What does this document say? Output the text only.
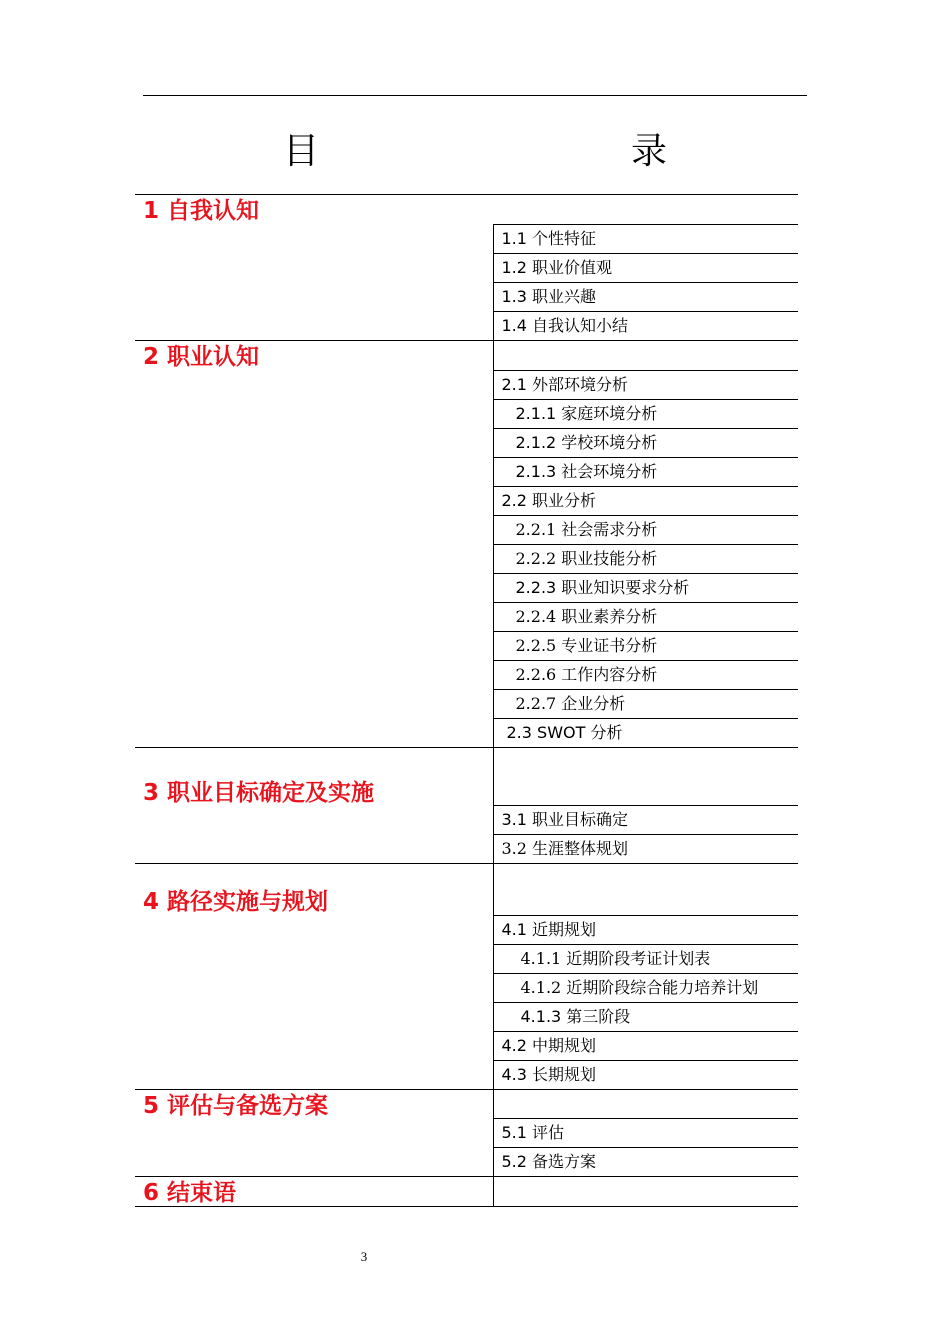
目　　录
1 自我认知	
	1.1 个性特征
	1.2 职业价值观
	1.3 职业兴趣
	1.4 自我认知小结
2 职业认知	
	2.1 外部环境分析
	2.1.1 家庭环境分析
	2.1.2 学校环境分析
	2.1.3 社会环境分析
	2.2 职业分析
	2.2.1 社会需求分析
	2.2.2 职业技能分析
	2.2.3 职业知识要求分析
	2.2.4 职业素养分析
	2.2.5 专业证书分析
	2.2.6 工作内容分析
	2.2.7 企业分析
	2.3 SWOT 分析
3 职业目标确定及实施	
	3.1 职业目标确定
	3.2 生涯整体规划
4 路径实施与规划	
	4.1 近期规划
	4.1.1 近期阶段考证计划表
	4.1.2 近期阶段综合能力培养计划
	4.1.3 第三阶段
	4.2 中期规划
	4.3 长期规划
5 评估与备选方案	
	5.1 评估
	5.2 备选方案
6 结束语	

3
